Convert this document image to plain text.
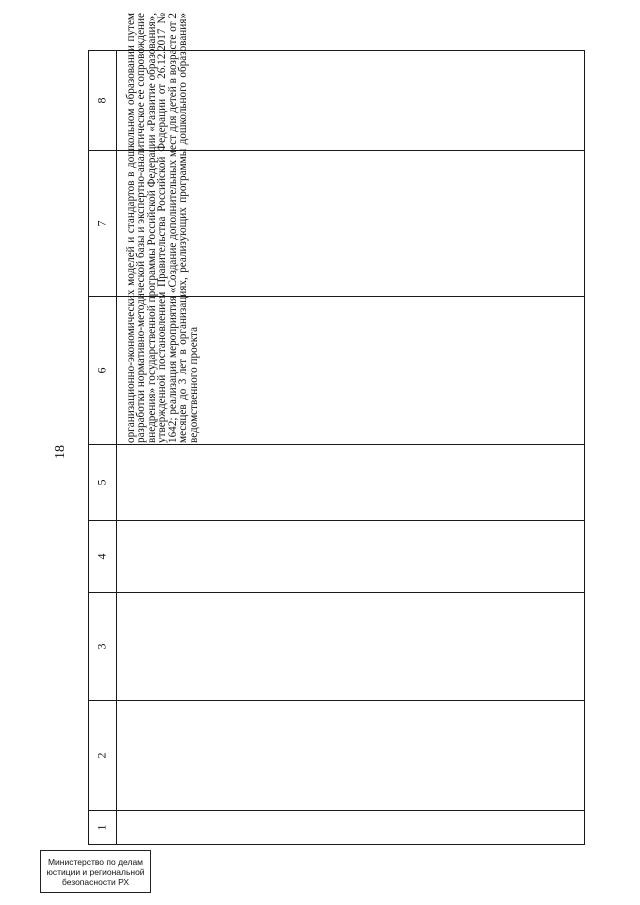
18
1
2
3
4
5
6
7
8 организационно-экономических моделей и стандартов в дошкольном образовании путем разработки нормативно-методической базы и экспертно-аналитическое ее сопровождение внедрения» государственной программы Российской Федерации «Развитие образования», утвержденной постановлением Правительства Российской Федерации от 26.12.2017 № 1642; реализация мероприятия «Создание дополнительных мест для детей в возрасте от 2 месяцев до 3 лет в организациях, реализующих программы дошкольного образования» ведомственного проекта

Министерство по делам
юстиции и региональной
безопасности РХ
